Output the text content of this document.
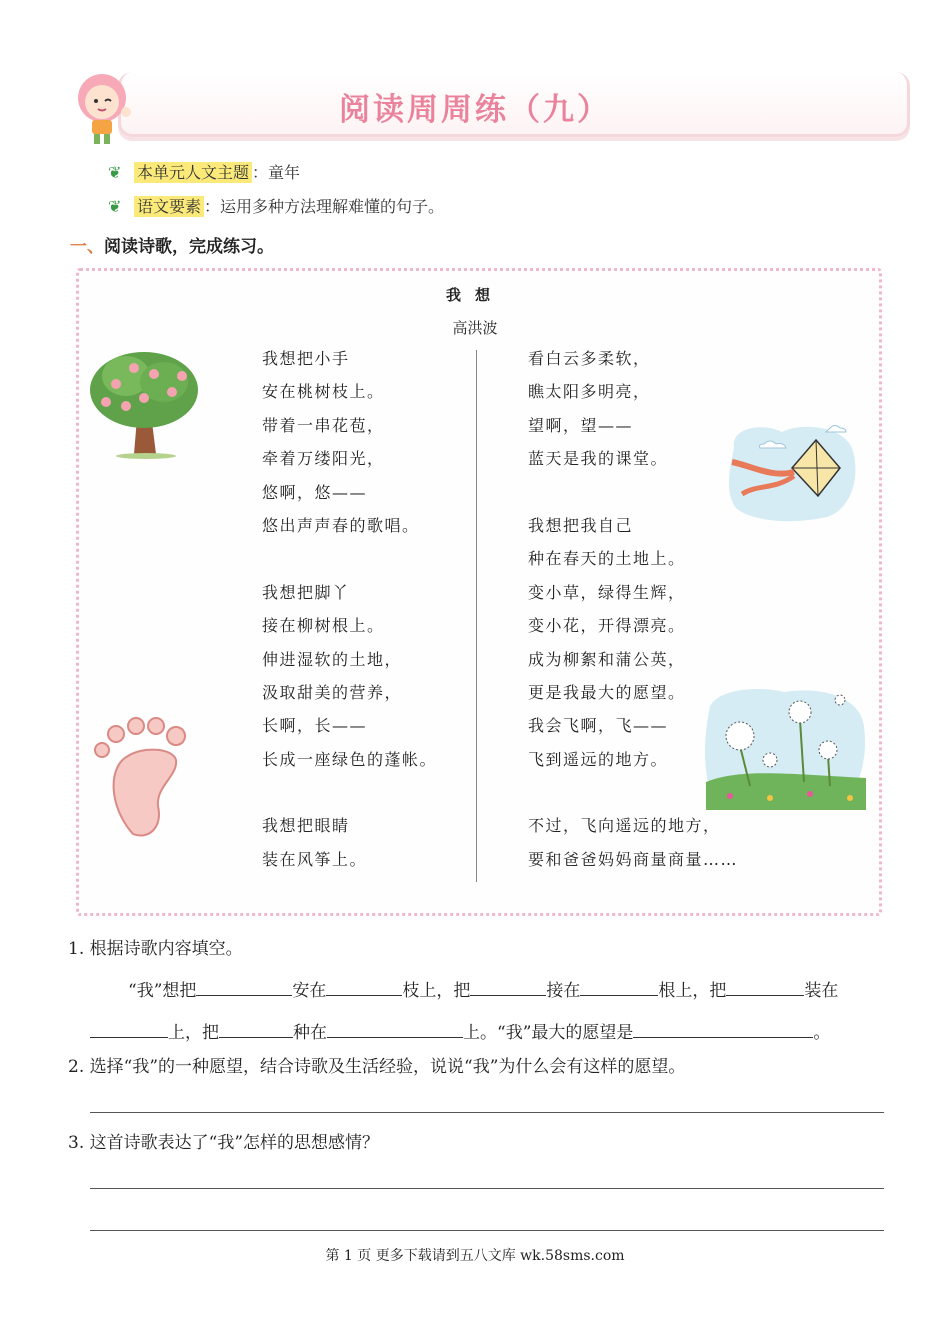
阅读周周练（九）
❦ 本单元人文主题 ：童年
❦ 语文要素 ：运用多种方法理解难懂的句子。
一、阅读诗歌，完成练习。
我想
高洪波
我想把小手
安在桃树枝上。
带着一串花苞，
牵着万缕阳光，
悠啊，悠——
悠出声声春的歌唱。
我想把脚丫
接在柳树根上。
伸进湿软的土地，
汲取甜美的营养，
长啊，长——
长成一座绿色的蓬帐。
我想把眼睛
装在风筝上。
看白云多柔软，
瞧太阳多明亮，
望啊，望——
蓝天是我的课堂。
我想把我自己
种在春天的土地上。
变小草，绿得生辉，
变小花，开得漂亮。
成为柳絮和蒲公英，
更是我最大的愿望。
我会飞啊，飞——
飞到遥远的地方。
不过，飞向遥远的地方，
要和爸爸妈妈商量商量……
1. 根据诗歌内容填空。
“我”想把	安在	枝上，把	接在	根上，把	装在
上，把	种在	上。“我”最大的愿望是	。
2. 选择“我”的一种愿望，结合诗歌及生活经验，说说“我”为什么会有这样的愿望。
3. 这首诗歌表达了“我”怎样的思想感情？
第 1 页 更多下载请到五八文库 wk.58sms.com
